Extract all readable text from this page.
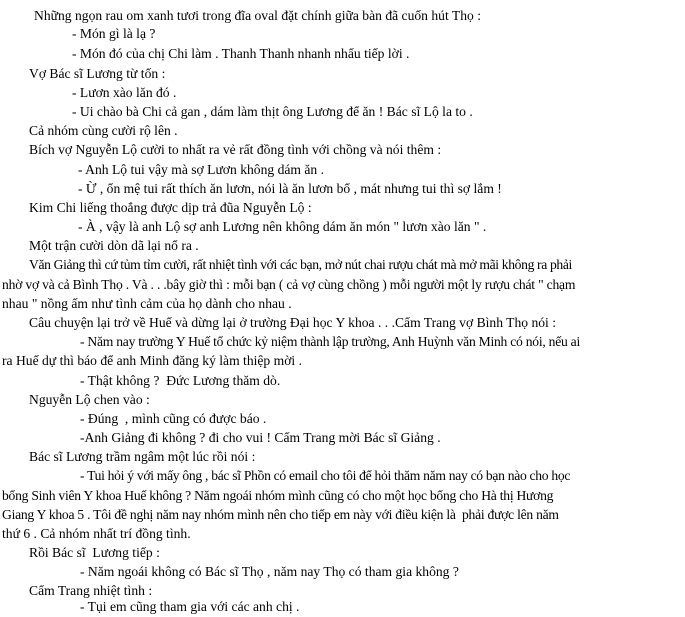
Những ngọn rau om xanh tươi trong đĩa oval đặt chính giữa bàn đã cuốn hút Thọ :
- Món gì là lạ ?
- Món đó của chị Chi làm . Thanh Thanh nhanh nhẩu tiếp lời .
Vợ Bác sĩ Lương từ tốn :
- Lươn xào lăn đó .
- Ui chào bà Chi cả gan , dám làm thịt ông Lương để ăn ! Bác sĩ Lộ la to .
Cả nhóm cùng cười rộ lên .
Bích vợ Nguyễn Lộ cười to nhất ra vẻ rất đồng tình với chồng và nói thêm :
- Anh Lộ tui vậy mà sợ Lươn không dám ăn .
- Ừ , ổn mệ tui rất thích ăn lươn, nói là ăn lươn bổ , mát nhưng tui thì sợ lắm !
Kim Chi liếng thoắng được dịp trả đũa Nguyễn Lộ :
- À , vậy là anh Lộ sợ anh Lương nên không dám ăn món " lươn xào lăn " .
Một trận cười dòn dã lại nổ ra .
Văn Giảng thì cứ tủm tỉm cười, rất nhiệt tình với các bạn, mở nút chai rượu chát mà mở mãi không ra phải
nhờ vợ và cả Bình Thọ . Và . . .bây giờ thì : mỗi bạn ( cả vợ cùng chồng ) mỗi người một ly rượu chát " chạm
nhau " nồng ấm như tình cảm của họ dành cho nhau .
Câu chuyện lại trở về Huế và dừng lại ở trường Đại học Y khoa . . .Cẩm Trang vợ Bình Thọ nói :
- Năm nay trường Y Huế tổ chức kỷ niệm thành lập trường, Anh Huỳnh văn Minh có nói, nếu ai
ra Huế dự thì báo để anh Minh đăng ký làm thiệp mời .
- Thật không ?  Đức Lương thăm dò.
Nguyễn Lộ chen vào :
- Đúng  , mình cũng có được báo .
-Anh Giảng đi không ? đi cho vui ! Cẩm Trang mời Bác sĩ Giảng .
Bác sĩ Lương trầm ngâm một lúc rồi nói :
- Tui hỏi ý với mấy ông , bác sĩ Phồn có email cho tôi để hỏi thăm năm nay có bạn nào cho học
bổng Sinh viên Y khoa Huế không ? Năm ngoái nhóm mình cũng có cho một học bổng cho Hà thị Hương
Giang Y khoa 5 . Tôi đề nghị năm nay nhóm mình nên cho tiếp em này với điều kiện là  phải được lên năm
thứ 6 . Cả nhóm nhất trí đồng tình.
Rồi Bác sĩ  Lương tiếp :
- Năm ngoái không có Bác sĩ Thọ , năm nay Thọ có tham gia không ?
Cẩm Trang nhiệt tình :
- Tụi em cũng tham gia với các anh chị .
